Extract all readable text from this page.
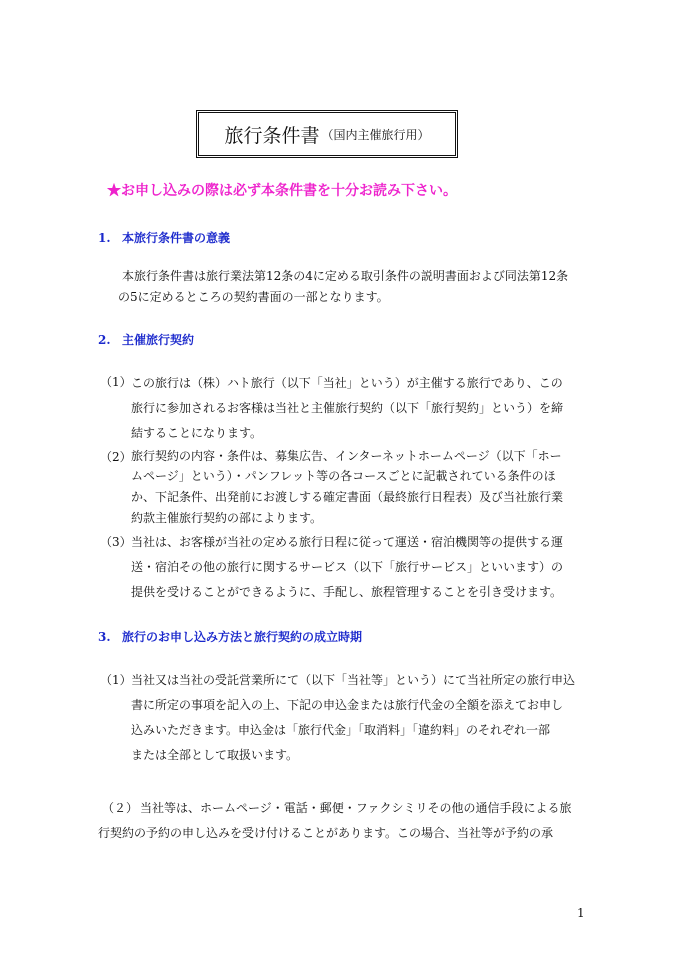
旅行条件書 （国内主催旅行用）
★お申し込みの際は必ず本条件書を十分お読み下さい。
1. 本旅行条件書の意義
本旅行条件書は旅行業法第12条の4に定める取引条件の説明書面および同法第12条
の5に定めるところの契約書面の一部となります。
2. 主催旅行契約
（1） この旅行は（株）ハト旅行（以下「当社」という）が主催する旅行であり、この
旅行に参加されるお客様は当社と主催旅行契約（以下「旅行契約」という）を締
結することになります。
（2） 旅行契約の内容・条件は、募集広告、インターネットホームページ（以下「ホー
ムページ」という）・パンフレット等の各コースごとに記載されている条件のほ
か、下記条件、出発前にお渡しする確定書面（最終旅行日程表）及び当社旅行業
約款主催旅行契約の部によります。
（3） 当社は、お客様が当社の定める旅行日程に従って運送・宿泊機関等の提供する運
送・宿泊その他の旅行に関するサービス（以下「旅行サービス」といいます）の
提供を受けることができるように、手配し、旅程管理することを引き受けます。
3. 旅行のお申し込み方法と旅行契約の成立時期
（1） 当社又は当社の受託営業所にて（以下「当社等」という）にて当社所定の旅行申込
書に所定の事項を記入の上、下記の申込金または旅行代金の全額を添えてお申し
込みいただきます。申込金は「旅行代金」「取消料」「違約料」のそれぞれ一部
または全部として取扱います。
（２） 当社等は、ホームページ・電話・郵便・ファクシミリその他の通信手段による旅
行契約の予約の申し込みを受け付けることがあります。この場合、当社等が予約の承
1
